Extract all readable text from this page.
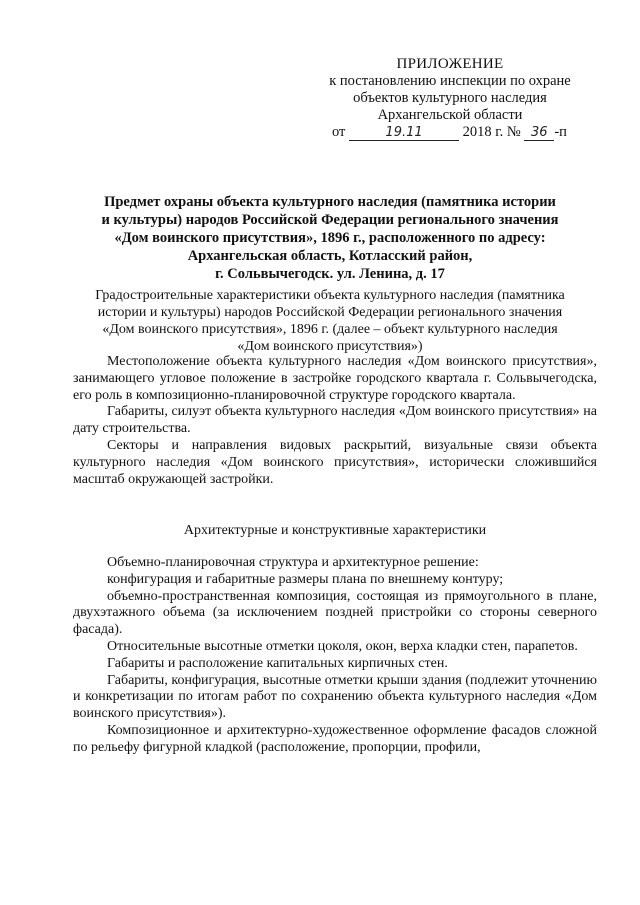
ПРИЛОЖЕНИЕ
к постановлению инспекции по охране
объектов культурного наследия
Архангельской области
от	19.11	2018 г. № 36 -п
Предмет охраны объекта культурного наследия (памятника истории
и культуры) народов Российской Федерации регионального значения
«Дом воинского присутствия», 1896 г., расположенного по адресу:
Архангельская область, Котласский район,
г. Сольвычегодск. ул. Ленина, д. 17
Градостроительные характеристики объекта культурного наследия (памятника
истории и культуры) народов Российской Федерации регионального значения
«Дом воинского присутствия», 1896 г. (далее – объект культурного наследия
«Дом воинского присутствия»)

Местоположение объекта культурного наследия «Дом воинского присутствия», занимающего угловое положение в застройке городского квартала г. Сольвычегодска, его роль в композиционно-планировочной структуре городского квартала.

Габариты, силуэт объекта культурного наследия «Дом воинского присутствия» на дату строительства.

Секторы и направления видовых раскрытий, визуальные связи объекта культурного наследия «Дом воинского присутствия», исторически сложившийся масштаб окружающей застройки.

Архитектурные и конструктивные характеристики

Объемно-планировочная структура и архитектурное решение:

конфигурация и габаритные размеры плана по внешнему контуру;

объемно-пространственная композиция, состоящая из прямоугольного в плане, двухэтажного объема (за исключением поздней пристройки со стороны северного фасада).

Относительные высотные отметки цоколя, окон, верха кладки стен, парапетов.

Габариты и расположение капитальных кирпичных стен.

Габариты, конфигурация, высотные отметки крыши здания (подлежит уточнению и конкретизации по итогам работ по сохранению объекта культурного наследия «Дом воинского присутствия»).

Композиционное и архитектурно-художественное оформление фасадов сложной по рельефу фигурной кладкой (расположение, пропорции, профили,
